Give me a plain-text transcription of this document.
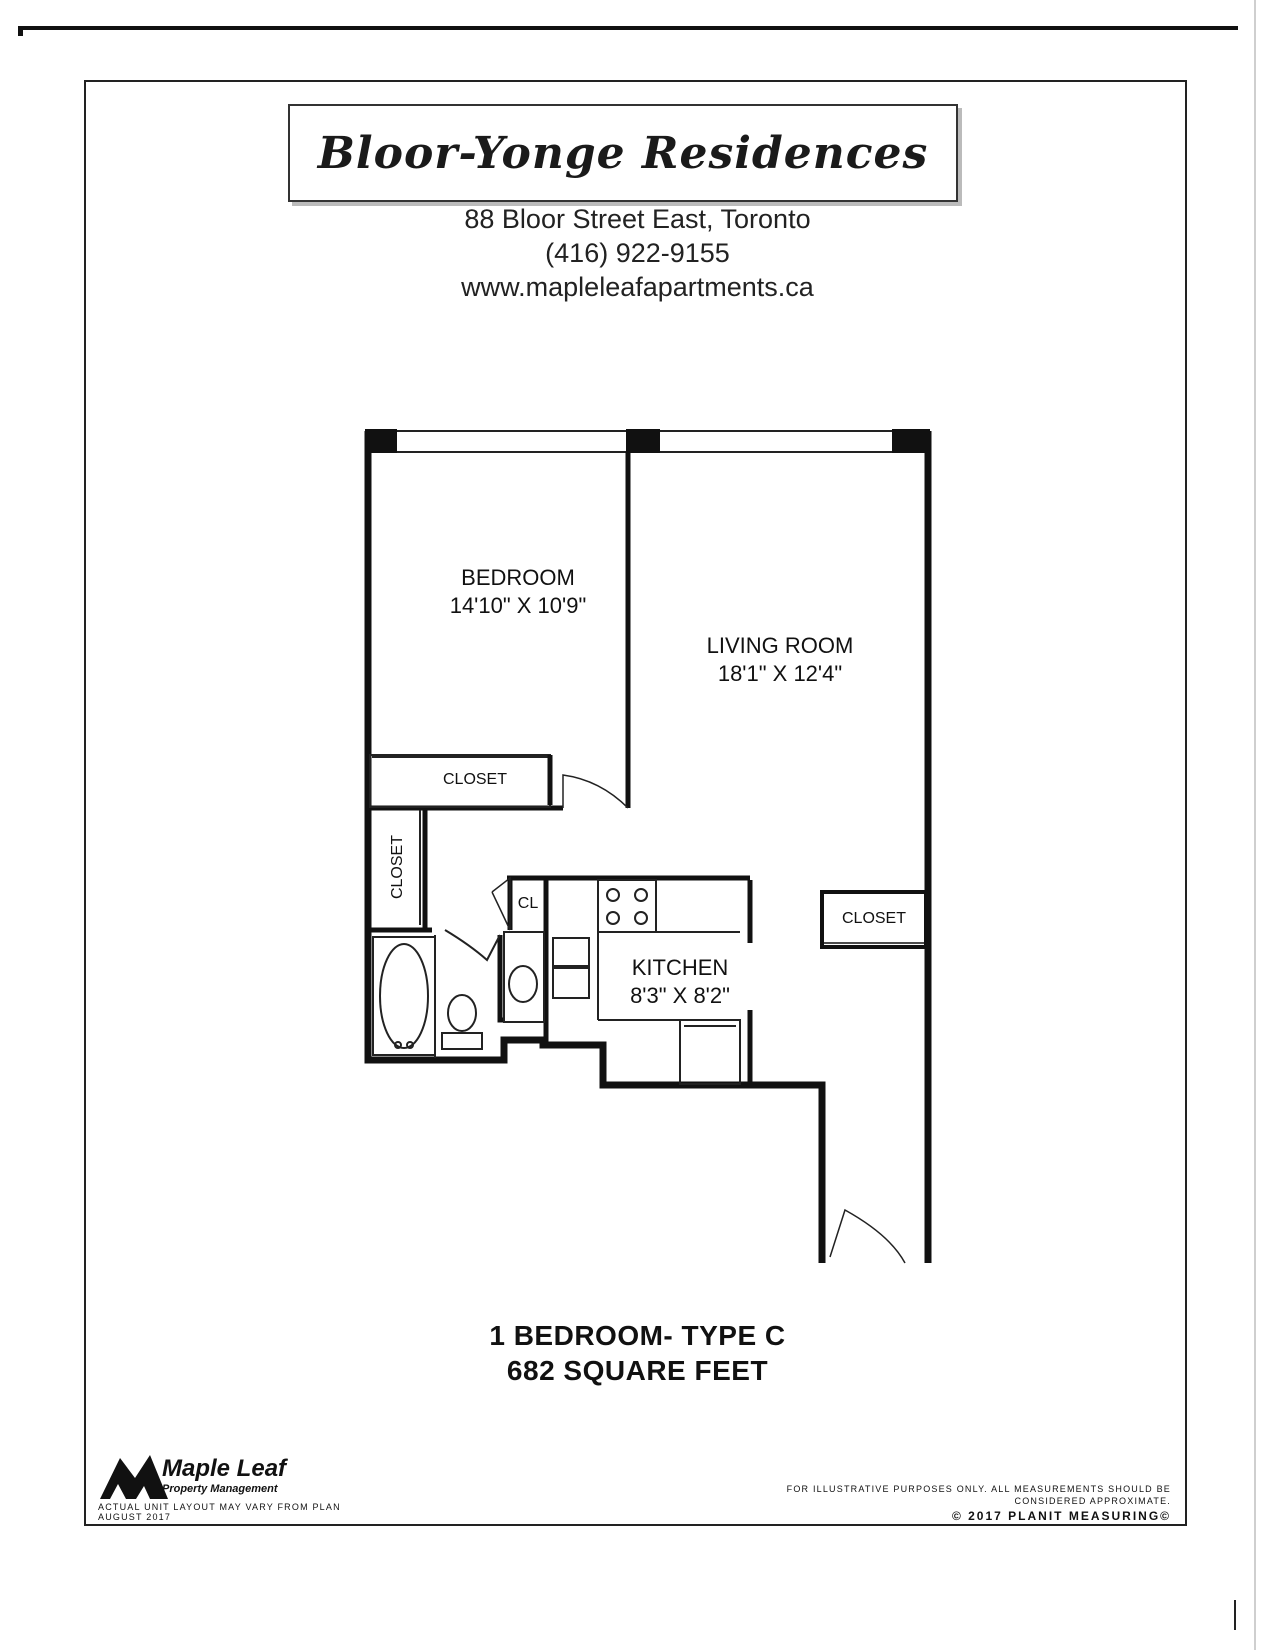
Bloor-Yonge Residences
88 Bloor Street East, Toronto
(416) 922-9155
www.mapleleafapartments.ca
BEDROOM
14'10" X 10'9"
LIVING ROOM
18'1" X 12'4"
KITCHEN
8'3" X 8'2"
CLOSET
CLOSET
CLOSET
CL
1 BEDROOM- TYPE C
682 SQUARE FEET
Maple Leaf
Property Management
ACTUAL UNIT LAYOUT MAY VARY FROM PLAN
AUGUST 2017
FOR ILLUSTRATIVE PURPOSES ONLY. ALL MEASUREMENTS SHOULD BE
CONSIDERED APPROXIMATE.
© 2017 PLANIT MEASURING©
